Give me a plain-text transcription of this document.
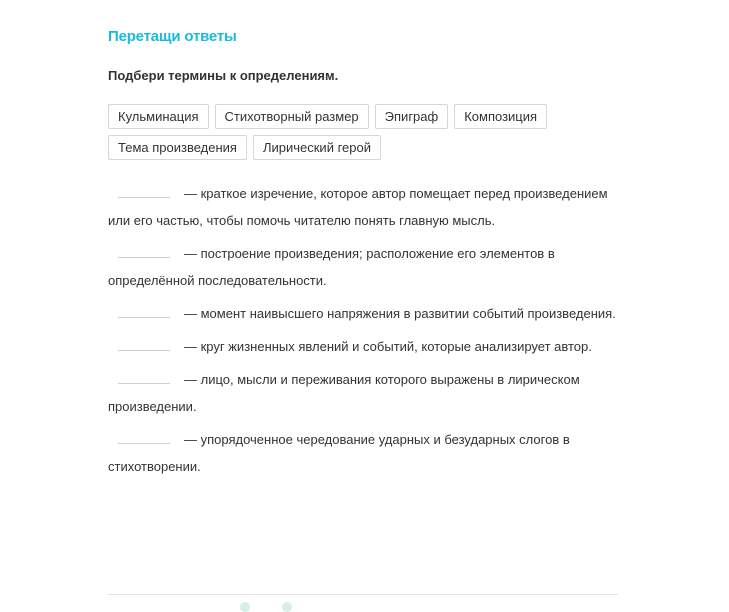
Перетащи ответы
Подбери термины к определениям.
Кульминация	Стихотворный размер	Эпиграф	Композиция
Тема произведения	Лирический герой
— краткое изречение, которое автор помещает перед произведением или его частью, чтобы помочь читателю понять главную мысль.
— построение произведения; расположение его элементов в определённой последовательности.
— момент наивысшего напряжения в развитии событий произведения.
— круг жизненных явлений и событий, которые анализирует автор.
— лицо, мысли и переживания которого выражены в лирическом произведении.
— упорядоченное чередование ударных и безударных слогов в стихотворении.
